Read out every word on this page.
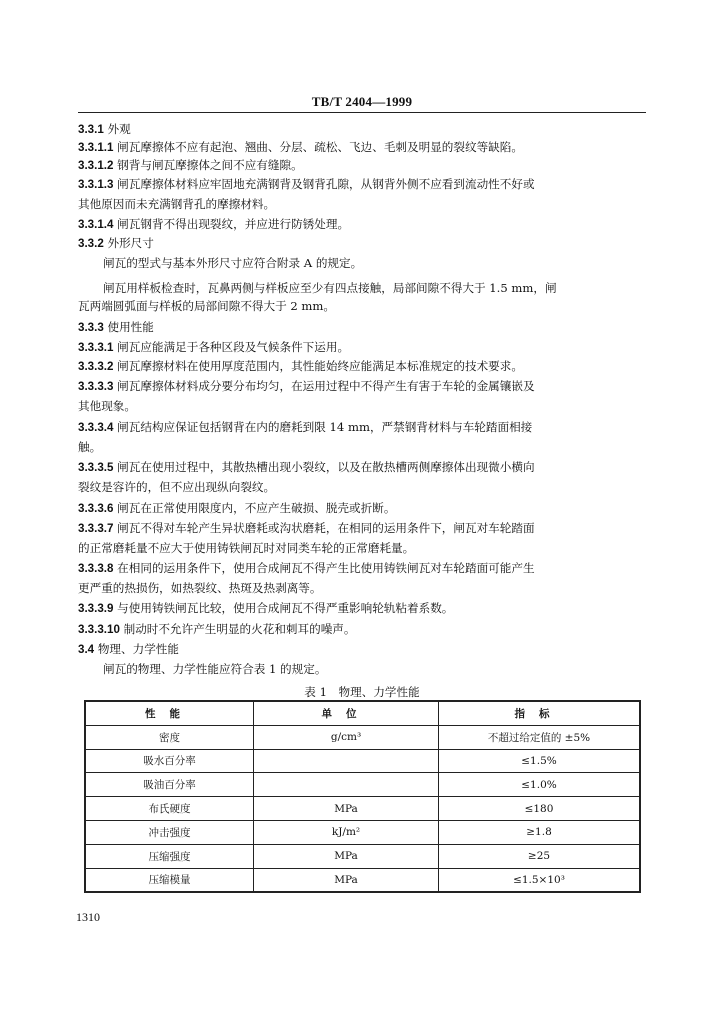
TB/T 2404—1999
3.3.1 外观
3.3.1.1 闸瓦摩擦体不应有起泡、翘曲、分层、疏松、飞边、毛刺及明显的裂纹等缺陷。
3.3.1.2 钢背与闸瓦摩擦体之间不应有缝隙。
3.3.1.3 闸瓦摩擦体材料应牢固地充满钢背及钢背孔隙，从钢背外侧不应看到流动性不好或
其他原因而未充满钢背孔的摩擦材料。
3.3.1.4 闸瓦钢背不得出现裂纹，并应进行防锈处理。
3.3.2 外形尺寸
闸瓦的型式与基本外形尺寸应符合附录 A 的规定。
闸瓦用样板检查时，瓦鼻两侧与样板应至少有四点接触，局部间隙不得大于 1.5 mm，闸
瓦两端圆弧面与样板的局部间隙不得大于 2 mm。
3.3.3 使用性能
3.3.3.1 闸瓦应能满足于各种区段及气候条件下运用。
3.3.3.2 闸瓦摩擦材料在使用厚度范围内，其性能始终应能满足本标准规定的技术要求。
3.3.3.3 闸瓦摩擦体材料成分要分布均匀，在运用过程中不得产生有害于车轮的金属镶嵌及
其他现象。
3.3.3.4 闸瓦结构应保证包括钢背在内的磨耗到限 14 mm，严禁钢背材料与车轮踏面相接
触。
3.3.3.5 闸瓦在使用过程中，其散热槽出现小裂纹，以及在散热槽两侧摩擦体出现微小横向
裂纹是容许的，但不应出现纵向裂纹。
3.3.3.6 闸瓦在正常使用限度内，不应产生破损、脱壳或折断。
3.3.3.7 闸瓦不得对车轮产生异状磨耗或沟状磨耗，在相同的运用条件下，闸瓦对车轮踏面
的正常磨耗量不应大于使用铸铁闸瓦时对同类车轮的正常磨耗量。
3.3.3.8 在相同的运用条件下，使用合成闸瓦不得产生比使用铸铁闸瓦对车轮踏面可能产生
更严重的热损伤，如热裂纹、热斑及热剥离等。
3.3.3.9 与使用铸铁闸瓦比较，使用合成闸瓦不得严重影响轮轨粘着系数。
3.3.3.10 制动时不允许产生明显的火花和刺耳的噪声。
3.4 物理、力学性能
闸瓦的物理、力学性能应符合表 1 的规定。
表 1　物理、力学性能
性能	单位	指标
密度	g/cm³	不超过给定值的 ±5%
吸水百分率		≤1.5%
吸油百分率		≤1.0%
布氏硬度	MPa	≤180
冲击强度	kJ/m²	≥1.8
压缩强度	MPa	≥25
压缩模量	MPa	≤1.5×10³
1310
